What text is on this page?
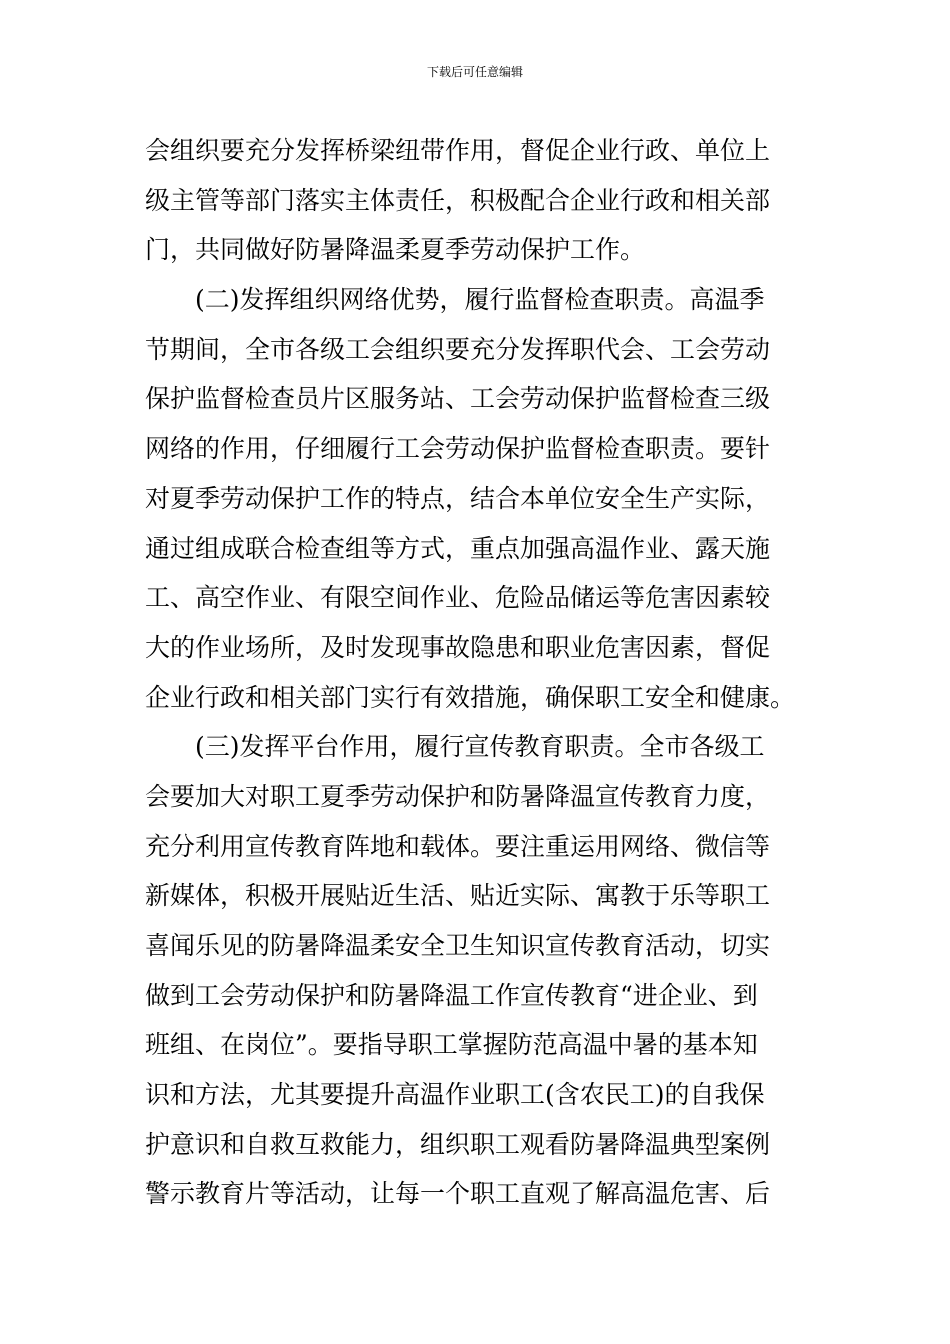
下载后可任意编辑
会组织要充分发挥桥梁纽带作用，督促企业行政、单位上
级主管等部门落实主体责任，积极配合企业行政和相关部
门，共同做好防暑降温柔夏季劳动保护工作。
(二)发挥组织网络优势，履行监督检查职责。高温季
节期间，全市各级工会组织要充分发挥职代会、工会劳动
保护监督检查员片区服务站、工会劳动保护监督检查三级
网络的作用，仔细履行工会劳动保护监督检查职责。要针
对夏季劳动保护工作的特点，结合本单位安全生产实际，
通过组成联合检查组等方式，重点加强高温作业、露天施
工、高空作业、有限空间作业、危险品储运等危害因素较
大的作业场所，及时发现事故隐患和职业危害因素，督促
企业行政和相关部门实行有效措施，确保职工安全和健康。
(三)发挥平台作用，履行宣传教育职责。全市各级工
会要加大对职工夏季劳动保护和防暑降温宣传教育力度，
充分利用宣传教育阵地和载体。要注重运用网络、微信等
新媒体，积极开展贴近生活、贴近实际、寓教于乐等职工
喜闻乐见的防暑降温柔安全卫生知识宣传教育活动，切实
做到工会劳动保护和防暑降温工作宣传教育“进企业、到
班组、在岗位”。要指导职工掌握防范高温中暑的基本知
识和方法，尤其要提升高温作业职工(含农民工)的自我保
护意识和自救互救能力，组织职工观看防暑降温典型案例
警示教育片等活动，让每一个职工直观了解高温危害、后
